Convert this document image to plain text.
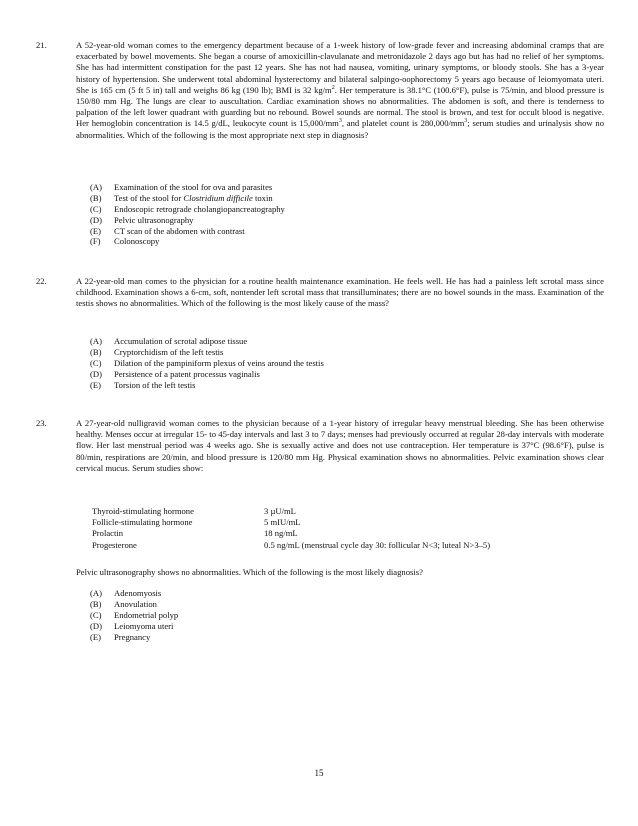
21.	A 52-year-old woman comes to the emergency department because of a 1-week history of low-grade fever and increasing abdominal cramps that are exacerbated by bowel movements. She began a course of amoxicillin-clavulanate and metronidazole 2 days ago but has had no relief of her symptoms. She has had intermittent constipation for the past 12 years. She has not had nausea, vomiting, urinary symptoms, or bloody stools. She has a 3-year history of hypertension. She underwent total abdominal hysterectomy and bilateral salpingo-oophorectomy 5 years ago because of leiomyomata uteri. She is 165 cm (5 ft 5 in) tall and weighs 86 kg (190 lb); BMI is 32 $kg/m^2$. Her temperature is 38.1°C (100.6°F), pulse is 75/min, and blood pressure is 150/80 mm Hg. The lungs are clear to auscultation. Cardiac examination shows no abnormalities. The abdomen is soft, and there is tenderness to palpation of the left lower quadrant with guarding but no rebound. Bowel sounds are normal. The stool is brown, and test for occult blood is negative. Her hemoglobin concentration is 14.5 g/dL, leukocyte count is $15,000/mm^3$, and platelet count is $280,000/mm^3$; serum studies and urinalysis show no abnormalities. Which of the following is the most appropriate next step in diagnosis?
(A)	Examination of the stool for ova and parasites
(B)	Test of the stool for Clostridium difficile toxin
(C)	Endoscopic retrograde cholangiopancreatography
(D)	Pelvic ultrasonography
(E)	CT scan of the abdomen with contrast
(F)	Colonoscopy
22.	A 22-year-old man comes to the physician for a routine health maintenance examination. He feels well. He has had a painless left scrotal mass since childhood. Examination shows a 6-cm, soft, nontender left scrotal mass that transilluminates; there are no bowel sounds in the mass. Examination of the testis shows no abnormalities. Which of the following is the most likely cause of the mass?
(A)	Accumulation of scrotal adipose tissue
(B)	Cryptorchidism of the left testis
(C)	Dilation of the pampiniform plexus of veins around the testis
(D)	Persistence of a patent processus vaginalis
(E)	Torsion of the left testis
23.	A 27-year-old nulligravid woman comes to the physician because of a 1-year history of irregular heavy menstrual bleeding. She has been otherwise healthy. Menses occur at irregular 15- to 45-day intervals and last 3 to 7 days; menses had previously occurred at regular 28-day intervals with moderate flow. Her last menstrual period was 4 weeks ago. She is sexually active and does not use contraception. Her temperature is 37°C (98.6°F), pulse is 80/min, respirations are 20/min, and blood pressure is 120/80 mm Hg. Physical examination shows no abnormalities. Pelvic examination shows clear cervical mucus. Serum studies show:
Thyroid-stimulating hormone	3 µU/mL
Follicle-stimulating hormone	5 mIU/mL
Prolactin	18 ng/mL
Progesterone	0.5 ng/mL (menstrual cycle day 30: follicular N<3; luteal N>3–5)
Pelvic ultrasonography shows no abnormalities. Which of the following is the most likely diagnosis?
(A)	Adenomyosis
(B)	Anovulation
(C)	Endometrial polyp
(D)	Leiomyoma uteri
(E)	Pregnancy
15
